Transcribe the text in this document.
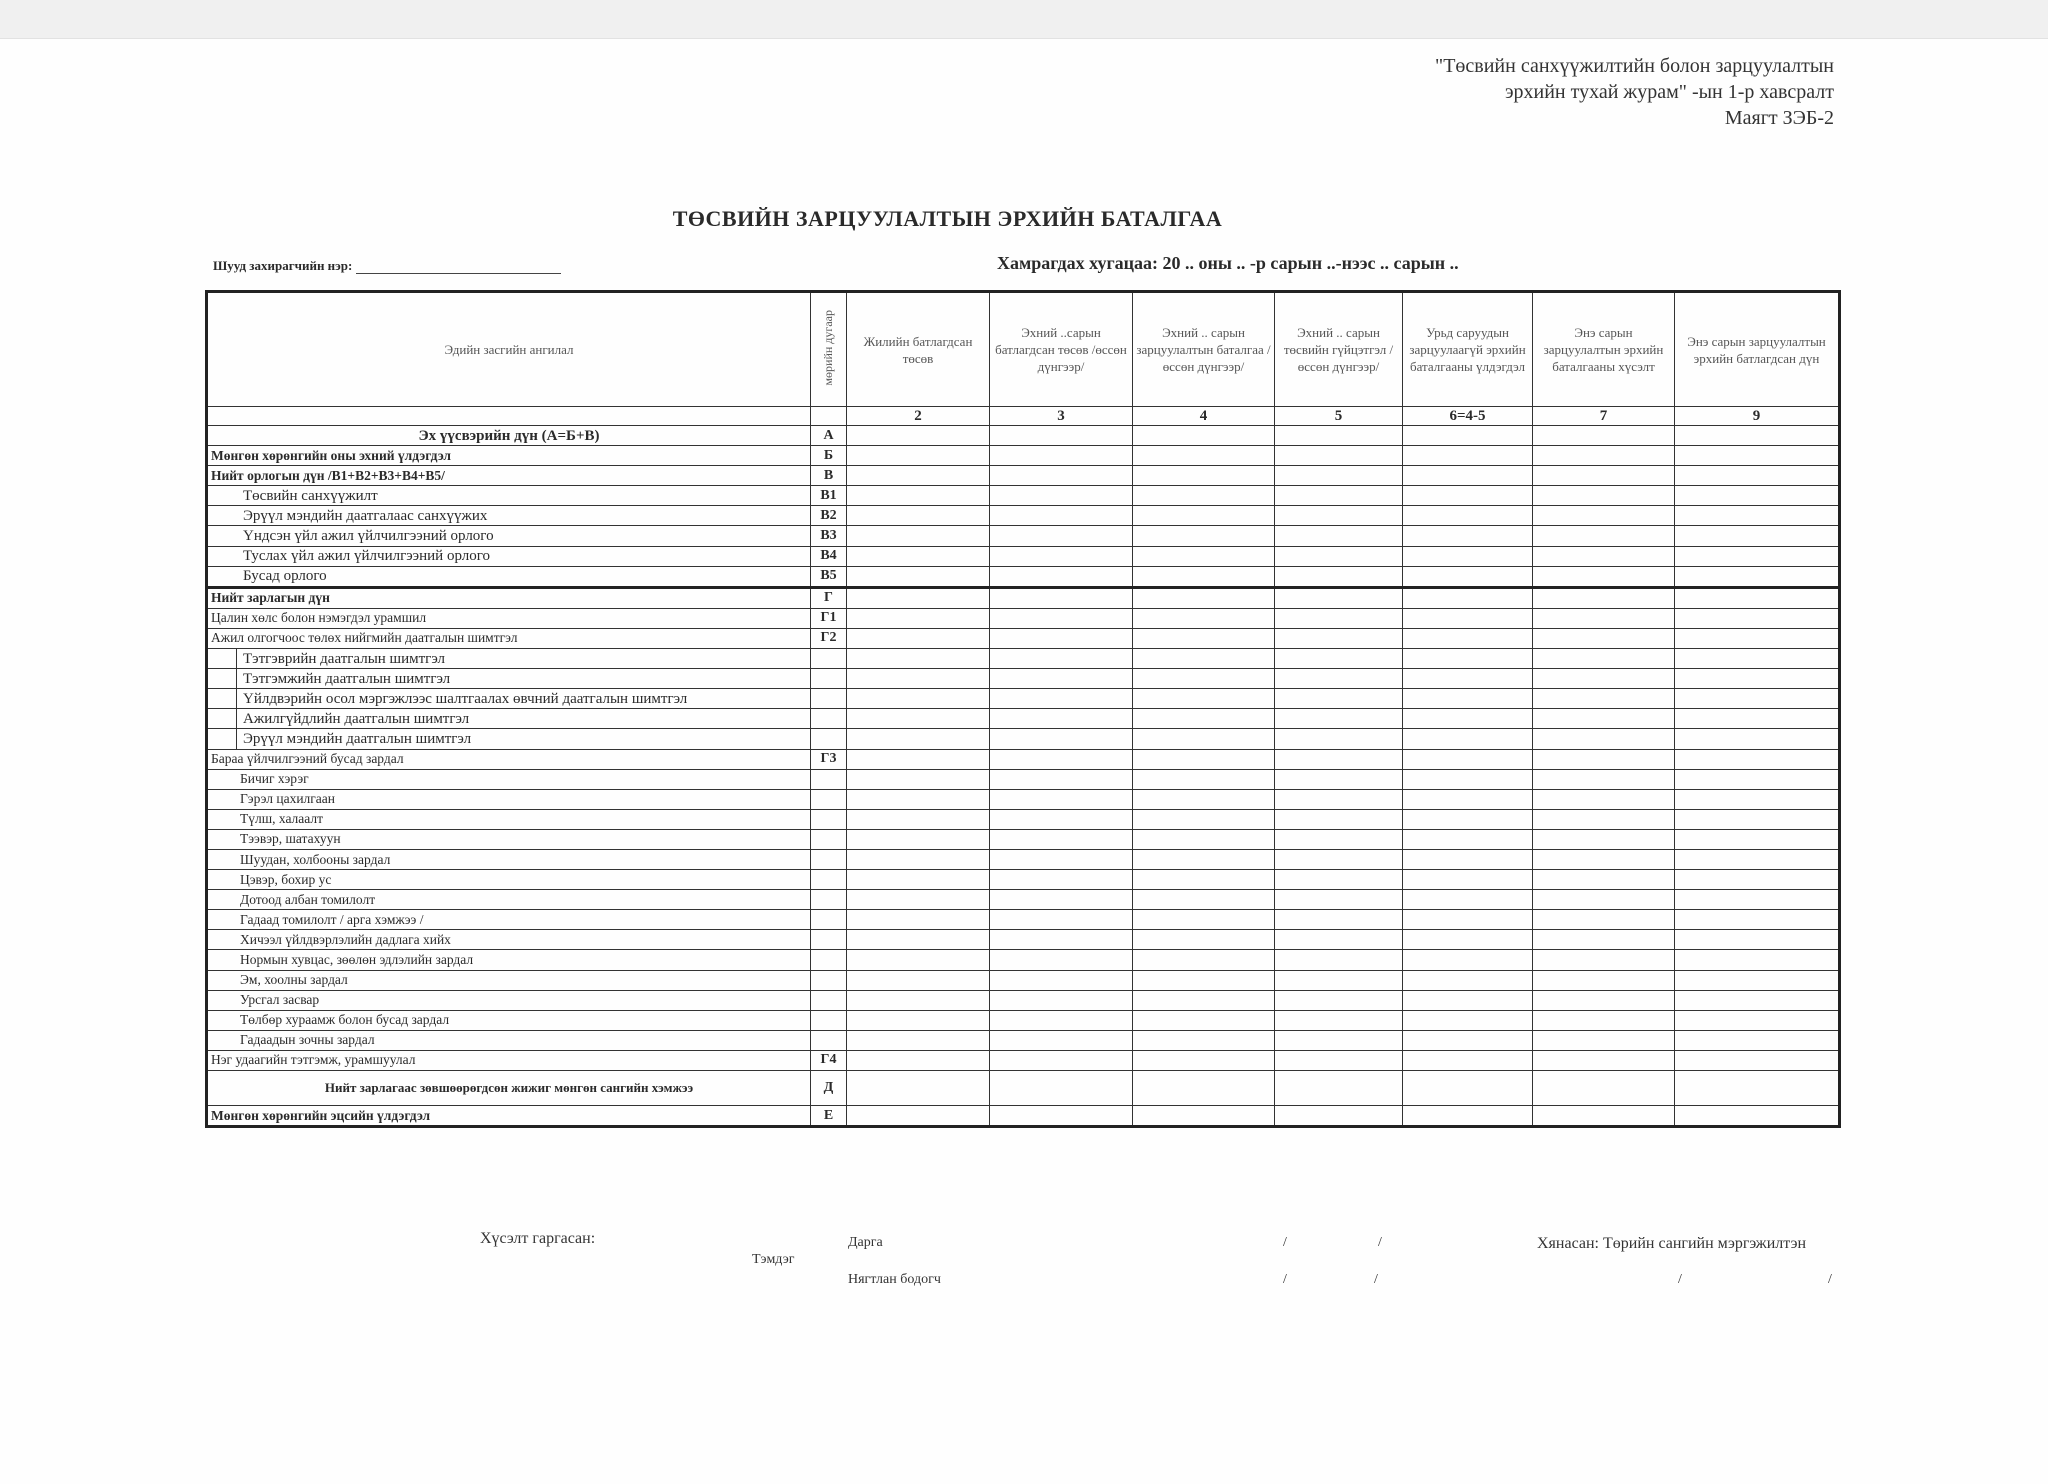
"Төсвийн санхүүжилтийн болон зарцуулалтын
эрхийн тухай журам" -ын 1-р хавсралт
Маягт ЗЭБ-2
ТӨСВИЙН ЗАРЦУУЛАЛТЫН ЭРХИЙН БАТАЛГАА
Шууд захирагчийн нэр:	Хамрагдах хугацаа: 20 .. оны .. -р сарын ..-нээс .. сарын ..
Эдийн засгийн ангилал	мөрийн дугаар	Жилийн батлагдсан төсөв	Эхний ..сарын батлагдсан төсөв /өссөн дүнгээр/	Эхний .. сарын зарцуулалтын баталгаа /өссөн дүнгээр/	Эхний .. сарын төсвийн гүйцэтгэл /өссөн дүнгээр/	Урьд саруудын зарцуулаагүй эрхийн баталгааны үлдэгдэл	Энэ сарын зарцуулалтын эрхийн баталгааны хүсэлт	Энэ сарын зарцуулалтын эрхийн батлагдсан дүн
		2	3	4	5	6=4-5	7	9
Эх үүсвэрийн дүн (А=Б+В)	А							
Мөнгөн хөрөнгийн оны эхний үлдэгдэл	Б							
Нийт орлогын дүн /В1+В2+В3+В4+В5/	В							
Төсвийн санхүүжилт	В1							
Эрүүл мэндийн даатгалаас санхүүжих	В2							
Үндсэн үйл ажил үйлчилгээний орлого	В3							
Туслах үйл ажил үйлчилгээний орлого	В4							
Бусад орлого	В5							
Нийт зарлагын дүн	Г							
Цалин хөлс болон нэмэгдэл урамшил	Г1							
Ажил олгогчоос төлөх нийгмийн даатгалын шимтгэл	Г2							
Тэтгэврийн даатгалын шимтгэл								
Тэтгэмжийн даатгалын шимтгэл								
Үйлдвэрийн осол мэргэжлээс шалтгаалах өвчний даатгалын шимтгэл								
Ажилгүйдлийн даатгалын шимтгэл								
Эрүүл мэндийн даатгалын шимтгэл								
Бараа үйлчилгээний бусад зардал	Г3							
Бичиг хэрэг								
Гэрэл цахилгаан								
Түлш, халаалт								
Тээвэр, шатахуун								
Шуудан, холбооны зардал								
Цэвэр, бохир ус								
Дотоод албан томилолт								
Гадаад томилолт / арга хэмжээ /								
Хичээл үйлдвэрлэлийн дадлага хийх								
Нормын хувцас, зөөлөн эдлэлийн зардал								
Эм, хоолны зардал								
Урсгал засвар								
Төлбөр хураамж болон бусад зардал								
Гадаадын зочны зардал								
Нэг удаагийн тэтгэмж, урамшуулал	Г4							
Нийт зарлагаас зөвшөөрөгдсөн жижиг мөнгөн сангийн хэмжээ	Д							
Мөнгөн хөрөнгийн эцсийн үлдэгдэл	Е							
Хүсэлт гаргасан:
Тэмдэг
Дарга	/	/
Нягтлан бодогч	/	/
Хянасан: Төрийн сангийн мэргэжилтэн
/	/
